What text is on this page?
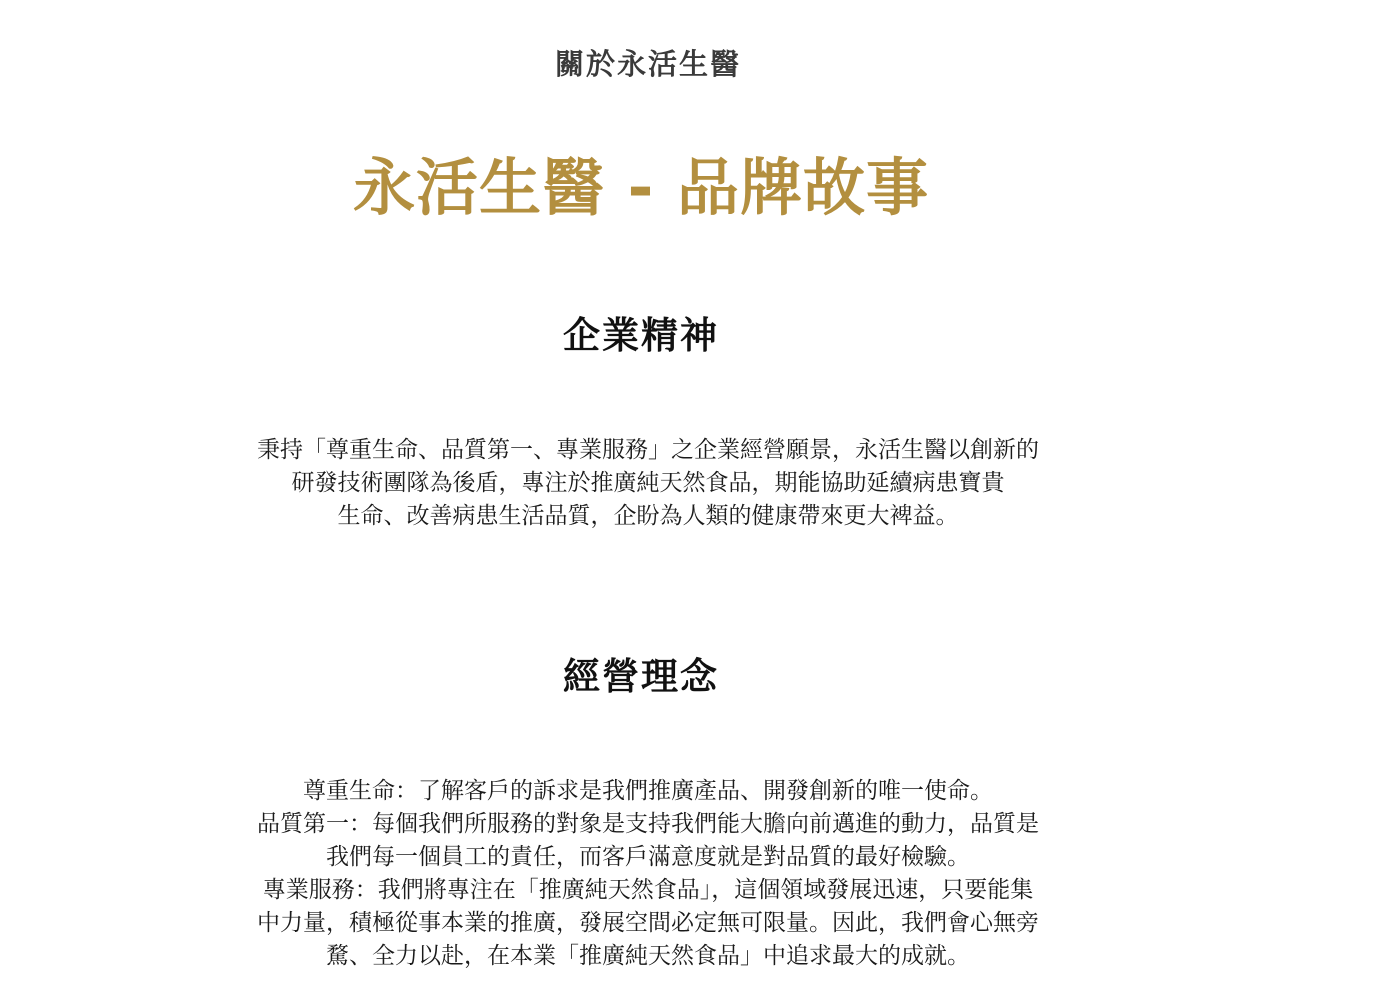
關於永活生醫
永活生醫 - 品牌故事
企業精神
秉持「尊重生命、品質第一、專業服務」之企業經營願景，永活生醫以創新的
研發技術團隊為後盾，專注於推廣純天然食品，期能協助延續病患寶貴
生命、改善病患生活品質，企盼為人類的健康帶來更大裨益。
經營理念
尊重生命：了解客戶的訴求是我們推廣產品、開發創新的唯一使命。
品質第一：每個我們所服務的對象是支持我們能大膽向前邁進的動力，品質是
我們每一個員工的責任，而客戶滿意度就是對品質的最好檢驗。
專業服務：我們將專注在「推廣純天然食品」，這個領域發展迅速，只要能集
中力量，積極從事本業的推廣，發展空間必定無可限量。因此，我們會心無旁
騖、全力以赴，在本業「推廣純天然食品」中追求最大的成就。
